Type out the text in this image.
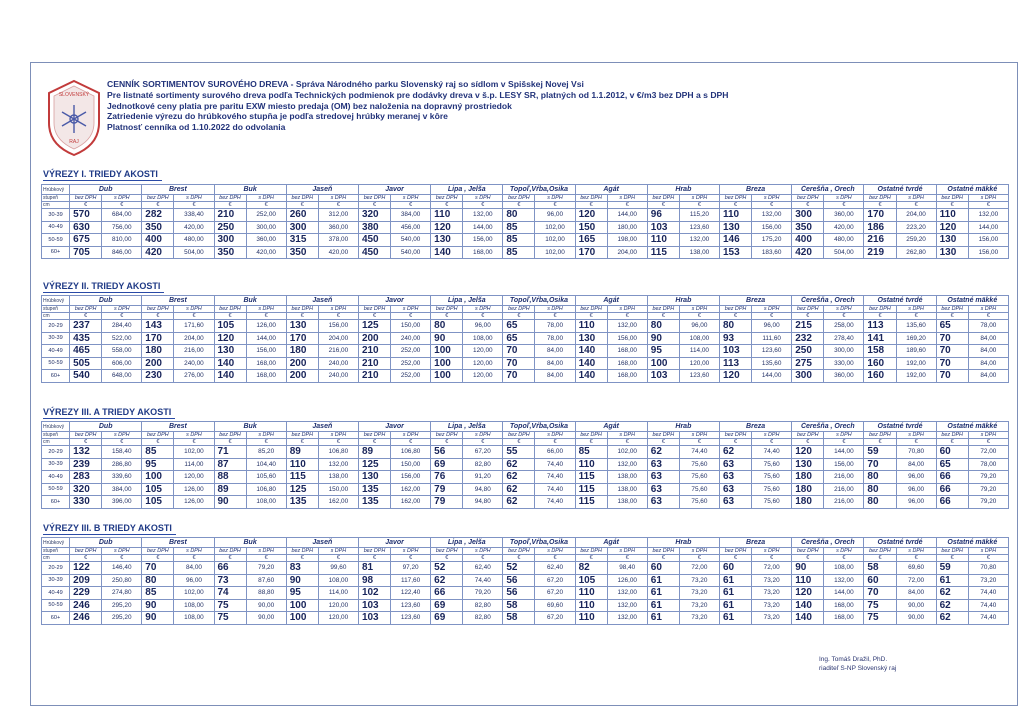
SLOVENSKÝ
RAJ
CENNÍK SORTIMENTOV SUROVÉHO DREVA - Správa Národného parku Slovenský raj so sídlom v Spišskej Novej Vsi
Pre listnaté sortimenty surového dreva podľa Technických podmienok pre dodávky dreva v š.p. LESY SR, platných od 1.1.2012, v €/m3 bez DPH a s DPH
Jednotkové ceny platia pre paritu EXW miesto predaja (OM) bez naloženia na dopravný prostriedok
Zatriedenie výrezu do hrúbkového stupňa je podľa stredovej hrúbky meranej v kôre
Platnosť cenníka od 1.10.2022 do odvolania
VÝREZY I. TRIEDY AKOSTI
Hrúbkový	Dub		Brest		Buk		Jaseň		Javor		Lipa , Jelša		Topoľ,Vŕba,Osika		Agát		Hrab		Breza		Čerešňa , Orech		Ostatné tvrdé		Ostatné mäkké	
stupeň	bez DPH	s DPH	bez DPH	s DPH	bez DPH	s DPH	bez DPH	s DPH	bez DPH	s DPH	bez DPH	s DPH	bez DPH	s DPH	bez DPH	s DPH	bez DPH	s DPH	bez DPH	s DPH	bez DPH	s DPH	bez DPH	s DPH	bez DPH	s DPH
cm	€	€	€	€	€	€	€	€	€	€	€	€	€	€	€	€	€	€	€	€	€	€	€	€	€	€
30-39	570	684,00	282	338,40	210	252,00	260	312,00	320	384,00	110	132,00	80	96,00	120	144,00	96	115,20	110	132,00	300	360,00	170	204,00	110	132,00
40-49	630	756,00	350	420,00	250	300,00	300	360,00	380	456,00	120	144,00	85	102,00	150	180,00	103	123,60	130	156,00	350	420,00	186	223,20	120	144,00
50-59	675	810,00	400	480,00	300	360,00	315	378,00	450	540,00	130	156,00	85	102,00	165	198,00	110	132,00	146	175,20	400	480,00	216	259,20	130	156,00
60+	705	846,00	420	504,00	350	420,00	350	420,00	450	540,00	140	168,00	85	102,00	170	204,00	115	138,00	153	183,60	420	504,00	219	262,80	130	156,00
VÝREZY II. TRIEDY AKOSTI
Hrúbkový	Dub		Brest		Buk		Jaseň		Javor		Lipa , Jelša		Topoľ,Vŕba,Osika		Agát		Hrab		Breza		Čerešňa , Orech		Ostatné tvrdé		Ostatné mäkké	
stupeň	bez DPH	s DPH	bez DPH	s DPH	bez DPH	s DPH	bez DPH	s DPH	bez DPH	s DPH	bez DPH	s DPH	bez DPH	s DPH	bez DPH	s DPH	bez DPH	s DPH	bez DPH	s DPH	bez DPH	s DPH	bez DPH	s DPH	bez DPH	s DPH
cm	€	€	€	€	€	€	€	€	€	€	€	€	€	€	€	€	€	€	€	€	€	€	€	€	€	€
20-29	237	284,40	143	171,60	105	126,00	130	156,00	125	150,00	80	96,00	65	78,00	110	132,00	80	96,00	80	96,00	215	258,00	113	135,60	65	78,00
30-39	435	522,00	170	204,00	120	144,00	170	204,00	200	240,00	90	108,00	65	78,00	130	156,00	90	108,00	93	111,60	232	278,40	141	169,20	70	84,00
40-49	465	558,00	180	216,00	130	156,00	180	216,00	210	252,00	100	120,00	70	84,00	140	168,00	95	114,00	103	123,60	250	300,00	158	189,60	70	84,00
50-59	505	606,00	200	240,00	140	168,00	200	240,00	210	252,00	100	120,00	70	84,00	140	168,00	100	120,00	113	135,60	275	330,00	160	192,00	70	84,00
60+	540	648,00	230	276,00	140	168,00	200	240,00	210	252,00	100	120,00	70	84,00	140	168,00	103	123,60	120	144,00	300	360,00	160	192,00	70	84,00
VÝREZY III. A TRIEDY AKOSTI
Hrúbkový	Dub		Brest		Buk		Jaseň		Javor		Lipa , Jelša		Topoľ,Vŕba,Osika		Agát		Hrab		Breza		Čerešňa , Orech		Ostatné tvrdé		Ostatné mäkké	
stupeň	bez DPH	s DPH	bez DPH	s DPH	bez DPH	s DPH	bez DPH	s DPH	bez DPH	s DPH	bez DPH	s DPH	bez DPH	s DPH	bez DPH	s DPH	bez DPH	s DPH	bez DPH	s DPH	bez DPH	s DPH	bez DPH	s DPH	bez DPH	s DPH
cm	€	€	€	€	€	€	€	€	€	€	€	€	€	€	€	€	€	€	€	€	€	€	€	€	€	€
20-29	132	158,40	85	102,00	71	85,20	89	106,80	89	106,80	56	67,20	55	66,00	85	102,00	62	74,40	62	74,40	120	144,00	59	70,80	60	72,00
30-39	239	286,80	95	114,00	87	104,40	110	132,00	125	150,00	69	82,80	62	74,40	110	132,00	63	75,60	63	75,60	130	156,00	70	84,00	65	78,00
40-49	283	339,60	100	120,00	88	105,60	115	138,00	130	156,00	76	91,20	62	74,40	115	138,00	63	75,60	63	75,60	180	216,00	80	96,00	66	79,20
50-59	320	384,00	105	126,00	89	106,80	125	150,00	135	162,00	79	94,80	62	74,40	115	138,00	63	75,60	63	75,60	180	216,00	80	96,00	66	79,20
60+	330	396,00	105	126,00	90	108,00	135	162,00	135	162,00	79	94,80	62	74,40	115	138,00	63	75,60	63	75,60	180	216,00	80	96,00	66	79,20
VÝREZY III. B TRIEDY AKOSTI
Hrúbkový	Dub		Brest		Buk		Jaseň		Javor		Lipa , Jelša		Topoľ,Vŕba,Osika		Agát		Hrab		Breza		Čerešňa , Orech		Ostatné tvrdé		Ostatné mäkké	
stupeň	bez DPH	s DPH	bez DPH	s DPH	bez DPH	s DPH	bez DPH	s DPH	bez DPH	s DPH	bez DPH	s DPH	bez DPH	s DPH	bez DPH	s DPH	bez DPH	s DPH	bez DPH	s DPH	bez DPH	s DPH	bez DPH	s DPH	bez DPH	s DPH
cm	€	€	€	€	€	€	€	€	€	€	€	€	€	€	€	€	€	€	€	€	€	€	€	€	€	€
20-29	122	146,40	70	84,00	66	79,20	83	99,60	81	97,20	52	62,40	52	62,40	82	98,40	60	72,00	60	72,00	90	108,00	58	69,60	59	70,80
30-39	209	250,80	80	96,00	73	87,60	90	108,00	98	117,60	62	74,40	56	67,20	105	126,00	61	73,20	61	73,20	110	132,00	60	72,00	61	73,20
40-49	229	274,80	85	102,00	74	88,80	95	114,00	102	122,40	66	79,20	56	67,20	110	132,00	61	73,20	61	73,20	120	144,00	70	84,00	62	74,40
50-59	246	295,20	90	108,00	75	90,00	100	120,00	103	123,60	69	82,80	58	69,60	110	132,00	61	73,20	61	73,20	140	168,00	75	90,00	62	74,40
60+	246	295,20	90	108,00	75	90,00	100	120,00	103	123,60	69	82,80	58	67,20	110	132,00	61	73,20	61	73,20	140	168,00	75	90,00	62	74,40
Ing. Tomáš Dražil, PhD.
riaditeľ S-NP Slovenský raj
